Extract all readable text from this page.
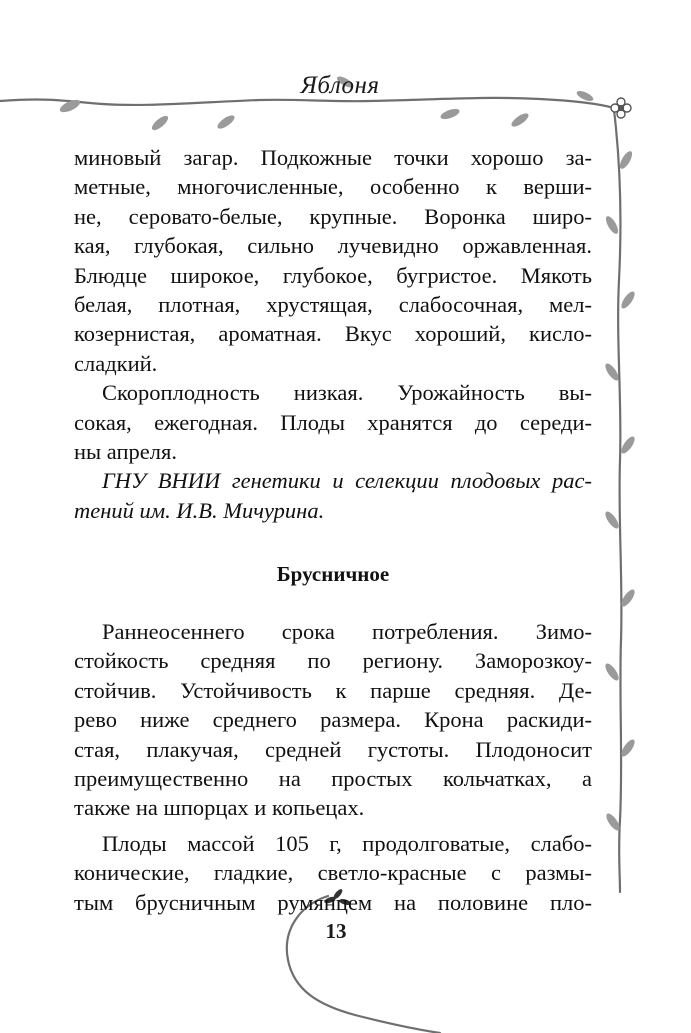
Яблоня
миновый загар. Подкожные точки хорошо за-
метные, многочисленные, особенно к верши-
не, серовато-белые, крупные. Воронка широ-
кая, глубокая, сильно лучевидно оржавленная.
Блюдце широкое, глубокое, бугристое. Мякоть
белая, плотная, хрустящая, слабосочная, мел-
козернистая, ароматная. Вкус хороший, кисло-
сладкий.
Скороплодность низкая. Урожайность вы-
сокая, ежегодная. Плоды хранятся до середи-
ны апреля.
ГНУ ВНИИ генетики и селекции плодовых рас-
тений им. И.В. Мичурина.
Брусничное
Раннеосеннего срока потребления. Зимо-
стойкость средняя по региону. Заморозкоу-
стойчив. Устойчивость к парше средняя. Де-
рево ниже среднего размера. Крона раскиди-
стая, плакучая, средней густоты. Плодоносит
преимущественно на простых кольчатках, а
также на шпорцах и копьецах.
Плоды массой 105 г, продолговатые, слабо-
конические, гладкие, светло-красные с размы-
тым брусничным румянцем на половине пло-
13
